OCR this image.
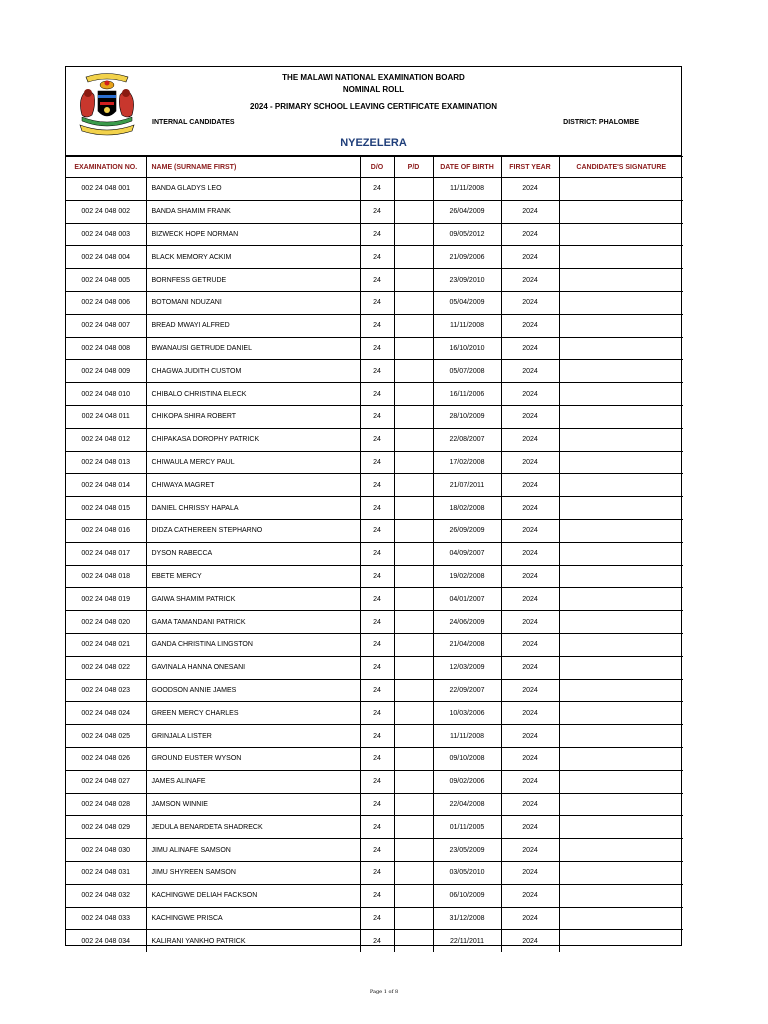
THE MALAWI NATIONAL EXAMINATION BOARD
NOMINAL ROLL
2024 - PRIMARY SCHOOL LEAVING CERTIFICATE EXAMINATION
INTERNAL CANDIDATES	DISTRICT: PHALOMBE
NYEZELERA
EXAMINATION NO.	NAME (SURNAME FIRST)	D/O	P/D	DATE OF BIRTH	FIRST YEAR	CANDIDATE'S SIGNATURE
002 24 048 001	BANDA GLADYS LEO	24		11/11/2008	2024	
002 24 048 002	BANDA SHAMIM FRANK	24		26/04/2009	2024	
002 24 048 003	BIZWECK HOPE NORMAN	24		09/05/2012	2024	
002 24 048 004	BLACK MEMORY ACKIM	24		21/09/2006	2024	
002 24 048 005	BORNFESS GETRUDE	24		23/09/2010	2024	
002 24 048 006	BOTOMANI NDUZANI	24		05/04/2009	2024	
002 24 048 007	BREAD MWAYI ALFRED	24		11/11/2008	2024	
002 24 048 008	BWANAUSI GETRUDE DANIEL	24		16/10/2010	2024	
002 24 048 009	CHAGWA JUDITH CUSTOM	24		05/07/2008	2024	
002 24 048 010	CHIBALO CHRISTINA ELECK	24		16/11/2006	2024	
002 24 048 011	CHIKOPA SHIRA ROBERT	24		28/10/2009	2024	
002 24 048 012	CHIPAKASA DOROPHY PATRICK	24		22/08/2007	2024	
002 24 048 013	CHIWAULA MERCY PAUL	24		17/02/2008	2024	
002 24 048 014	CHIWAYA MAGRET	24		21/07/2011	2024	
002 24 048 015	DANIEL CHRISSY HAPALA	24		18/02/2008	2024	
002 24 048 016	DIDZA CATHEREEN STEPHARNO	24		26/09/2009	2024	
002 24 048 017	DYSON RABECCA	24		04/09/2007	2024	
002 24 048 018	EBETE MERCY	24		19/02/2008	2024	
002 24 048 019	GAIWA SHAMIM PATRICK	24		04/01/2007	2024	
002 24 048 020	GAMA TAMANDANI PATRICK	24		24/06/2009	2024	
002 24 048 021	GANDA CHRISTINA LINGSTON	24		21/04/2008	2024	
002 24 048 022	GAVINALA HANNA ONESANI	24		12/03/2009	2024	
002 24 048 023	GOODSON ANNIE JAMES	24		22/09/2007	2024	
002 24 048 024	GREEN MERCY CHARLES	24		10/03/2006	2024	
002 24 048 025	GRINJALA LISTER	24		11/11/2008	2024	
002 24 048 026	GROUND EUSTER WYSON	24		09/10/2008	2024	
002 24 048 027	JAMES ALINAFE	24		09/02/2006	2024	
002 24 048 028	JAMSON WINNIE	24		22/04/2008	2024	
002 24 048 029	JEDULA BENARDETA SHADRECK	24		01/11/2005	2024	
002 24 048 030	JIMU ALINAFE SAMSON	24		23/05/2009	2024	
002 24 048 031	JIMU SHYREEN SAMSON	24		03/05/2010	2024	
002 24 048 032	KACHINGWE DELIAH FACKSON	24		06/10/2009	2024	
002 24 048 033	KACHINGWE PRISCA	24		31/12/2008	2024	
002 24 048 034	KALIRANI YANKHO PATRICK	24		22/11/2011	2024	
Page 1 of 8
